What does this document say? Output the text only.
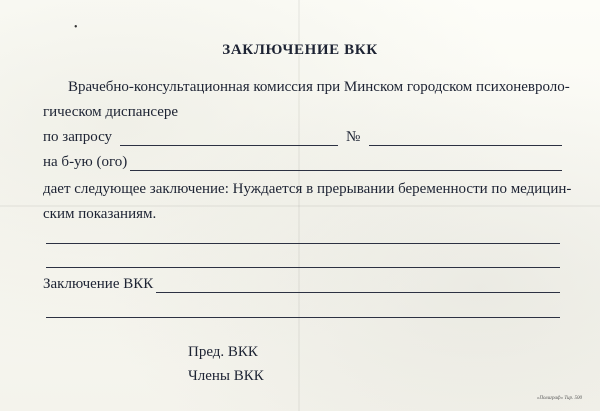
•
ЗАКЛЮЧЕНИЕ ВКК
Врачебно-консультационная комиссия при Минском городском психоневроло-
гическом диспансере
по запросу	№
на б-ую (ого)
дает следующее заключение: Нуждается в прерывании беременности по медицин-
ским показаниям.
Заключение ВКК
Пред. ВКК
Члены ВКК
«Полиграф» Тир. 500
